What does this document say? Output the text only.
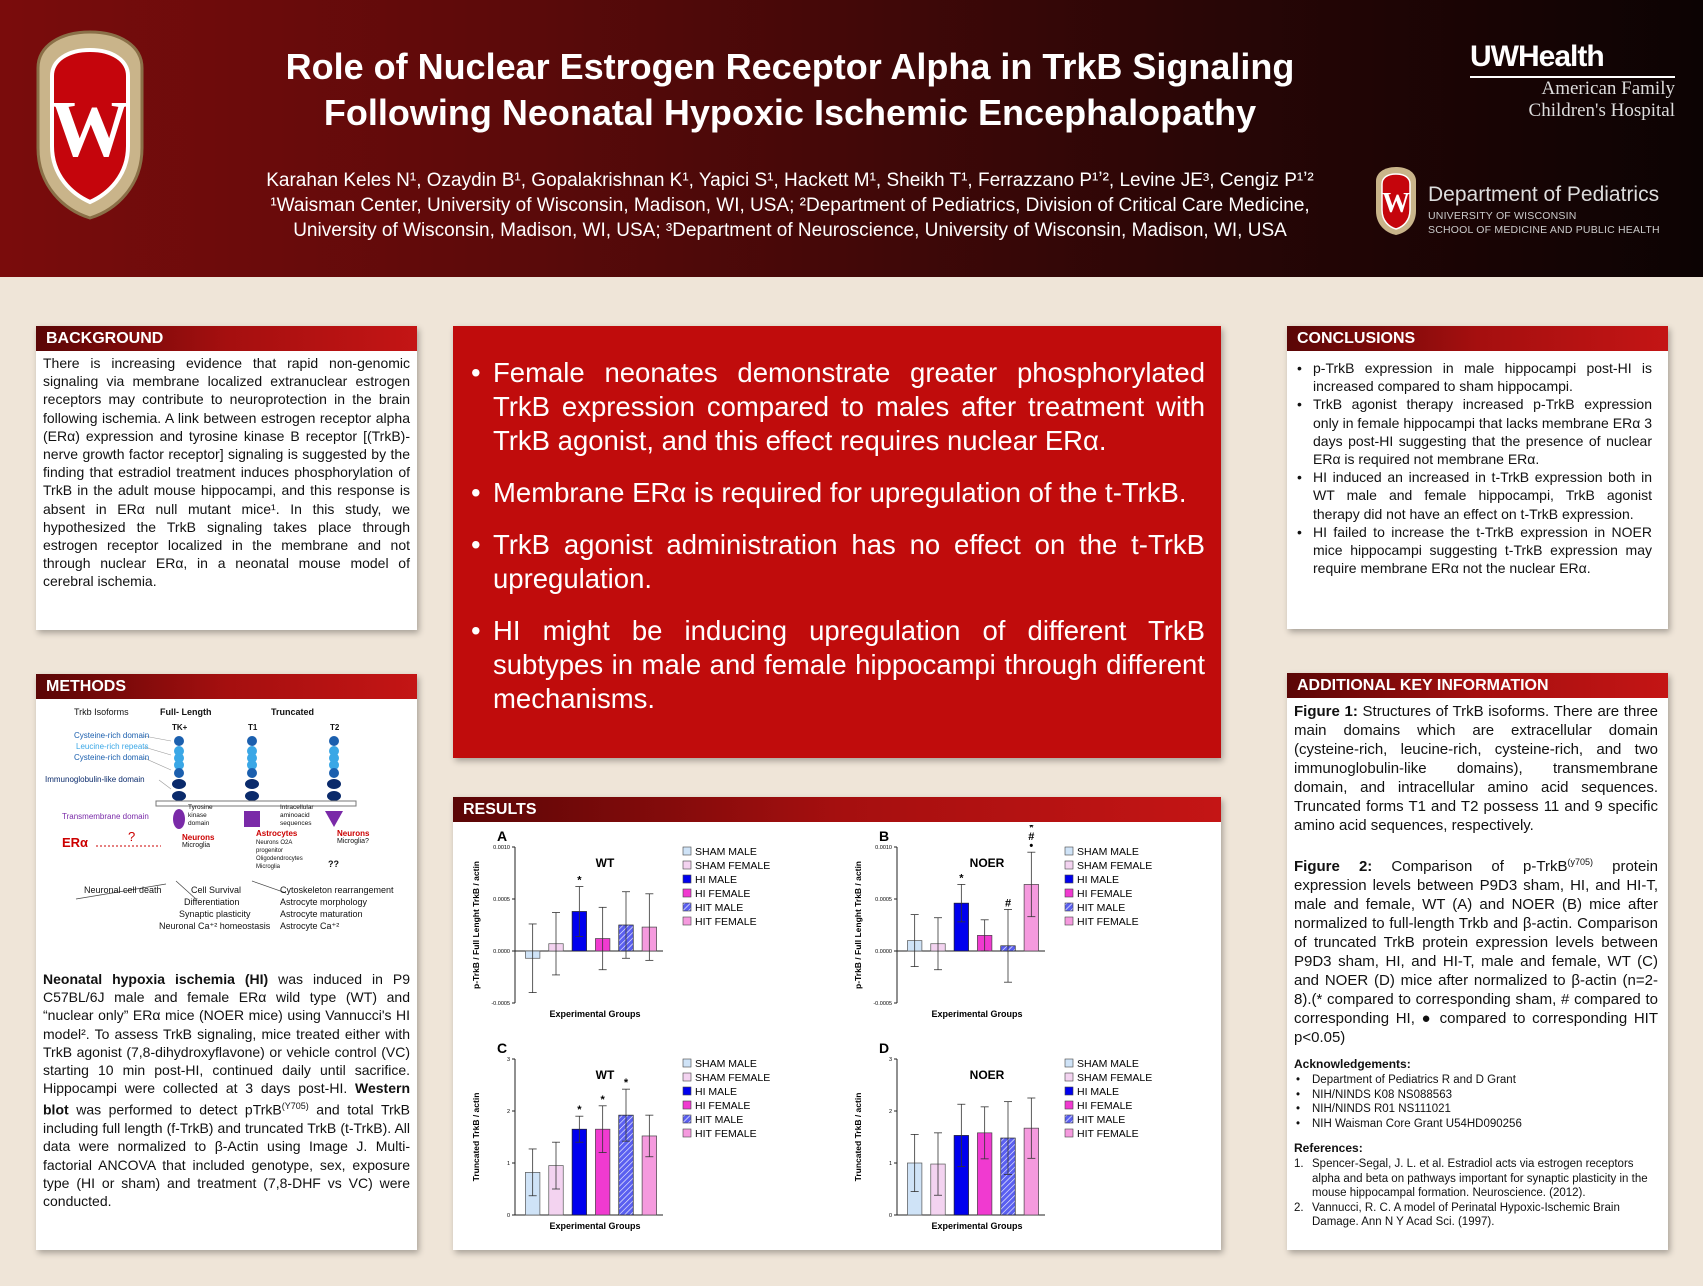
W
Role of Nuclear Estrogen Receptor Alpha in TrkB Signaling
Following Neonatal Hypoxic Ischemic Encephalopathy
Karahan Keles N¹, Ozaydin B¹, Gopalakrishnan K¹, Yapici S¹, Hackett M¹, Sheikh T¹, Ferrazzano P¹ʼ², Levine JE³, Cengiz P¹ʼ²
¹Waisman Center, University of Wisconsin, Madison, WI, USA; ²Department of Pediatrics, Division of Critical Care Medicine,
University of Wisconsin, Madison, WI, USA; ³Department of Neuroscience, University of Wisconsin, Madison, WI, USA
UWHealth
American Family
Children's Hospital
W Department of Pediatrics
UNIVERSITY OF WISCONSIN
SCHOOL OF MEDICINE AND PUBLIC HEALTH
BACKGROUND
There is increasing evidence that rapid non-genomic signaling via membrane localized extranuclear estrogen receptors may contribute to neuroprotection in the brain following ischemia. A link between estrogen receptor alpha (ERα) expression and tyrosine kinase B receptor [(TrkB)-nerve growth factor receptor] signaling is suggested by the finding that estradiol treatment induces phosphorylation of TrkB in the adult mouse hippocampi, and this response is absent in ERα null mutant mice¹. In this study, we hypothesized the TrkB signaling takes place through estrogen receptor localized in the membrane and not through nuclear ERα, in a neonatal mouse model of cerebral ischemia.
METHODS
Trkb Isoforms	Full- Length	Truncated
TK+	T1	T2
Cysteine-rich domain
Leucine-rich repeats
Cysteine-rich domain
Immunoglobulin-like domain
Transmembrane domain
ERα	?
Tyrosine kinase domain
Intracellular aminoacid sequences
Neurons
Microglia
Astrocytes
Neurons O2A progenitor Oligodendrocytes Microglia
Neurons
Microglia?
??
Neuronal cell death	Cell Survival
Differentiation
Synaptic plasticity
Neuronal Ca⁺² homeostasis
Cytoskeleton rearrangement
Astrocyte morphology
Astrocyte maturation
Astrocyte Ca⁺²
Neonatal hypoxia ischemia (HI) was induced in P9 C57BL/6J male and female ERα wild type (WT) and “nuclear only” ERα mice (NOER mice) using Vannucci's HI model². To assess TrkB signaling, mice treated either with TrkB agonist (7,8-dihydroxyflavone) or vehicle control (VC) starting 10 min post-HI, continued daily until sacrifice. Hippocampi were collected at 3 days post-HI. Western blot was performed to detect pTrkB$^{(Y705)}$ and total TrkB including full length (f-TrkB) and truncated TrkB (t-TrkB). All data were normalized to β-Actin using Image J. Multi-factorial ANCOVA that included genotype, sex, exposure type (HI or sham) and treatment (7,8-DHF vs VC) were conducted.
• Female neonates demonstrate greater phosphorylated TrkB expression compared to males after treatment with TrkB agonist, and this effect requires nuclear ERα.
• Membrane ERα is required for upregulation of the t-TrkB.
• TrkB agonist administration has no effect on the t-TrkB upregulation.
• HI might be inducing upregulation of different TrkB subtypes in male and female hippocampi through different mechanisms.
RESULTS
A
WT
p-TrkB / Full Lenght TrkB / actin
Experimental Groups
0.0010
0.0005
0.0000
-0.0005
*
SHAM MALE
SHAM FEMALE
HI MALE
HI FEMALE
HIT MALE
HIT FEMALE
B
NOER
p-TrkB / Full Lenght TrkB / actin
Experimental Groups
0.0010
0.0005
0.0000
-0.0005
*
#
*
#
•	SHAM MALE
SHAM FEMALE
HI MALE
HI FEMALE
HIT MALE
HIT FEMALE
C
WT
Truncated TrkB / actin
Experimental Groups
3
2
1
0
*
*
*
SHAM MALE
SHAM FEMALE
HI MALE
HI FEMALE
HIT MALE
HIT FEMALE
D
NOER
Truncated TrkB / actin
Experimental Groups
3
2
1
0
SHAM MALE
SHAM FEMALE
HI MALE
HI FEMALE
HIT MALE
HIT FEMALE
CONCLUSIONS
• p-TrkB expression in male hippocampi post-HI is increased compared to sham hippocampi.
• TrkB agonist therapy increased p-TrkB expression only in female hippocampi that lacks membrane ERα 3 days post-HI suggesting that the presence of nuclear ERα is required not membrane ERα.
• HI induced an increased in t-TrkB expression both in WT male and female hippocampi, TrkB agonist therapy did not have an effect on t-TrkB expression.
• HI failed to increase the t-TrkB expression in NOER mice hippocampi suggesting t-TrkB expression may require membrane ERα not the nuclear ERα.
ADDITIONAL KEY INFORMATION
Figure 1: Structures of TrkB isoforms. There are three main domains which are extracellular domain (cysteine-rich, leucine-rich, cysteine-rich, and two immunoglobulin-like domains), transmembrane domain, and intracellular amino acid sequences. Truncated forms T1 and T2 possess 11 and 9 specific amino acid sequences, respectively.
Figure 2: Comparison of p-TrkB$^{(y705)}$ protein expression levels between P9D3 sham, HI, and HI-T, male and female, WT (A) and NOER (B) mice after normalized to full-length Trkb and β-actin. Comparison of truncated TrkB protein expression levels between P9D3 sham, HI, and HI-T, male and female, WT (C) and NOER (D) mice after normalized to β-actin (n=2-8).(* compared to corresponding sham, # compared to corresponding HI, ● compared to corresponding HIT p<0.05)
Acknowledgements:
• Department of Pediatrics R and D Grant
• NIH/NINDS K08 NS088563
• NIH/NINDS R01 NS111021
• NIH Waisman Core Grant U54HD090256
References:
1. Spencer-Segal, J. L. et al. Estradiol acts via estrogen receptors alpha and beta on pathways important for synaptic plasticity in the mouse hippocampal formation. Neuroscience. (2012).
2. Vannucci, R. C. A model of Perinatal Hypoxic-Ischemic Brain Damage. Ann N Y Acad Sci. (1997).
